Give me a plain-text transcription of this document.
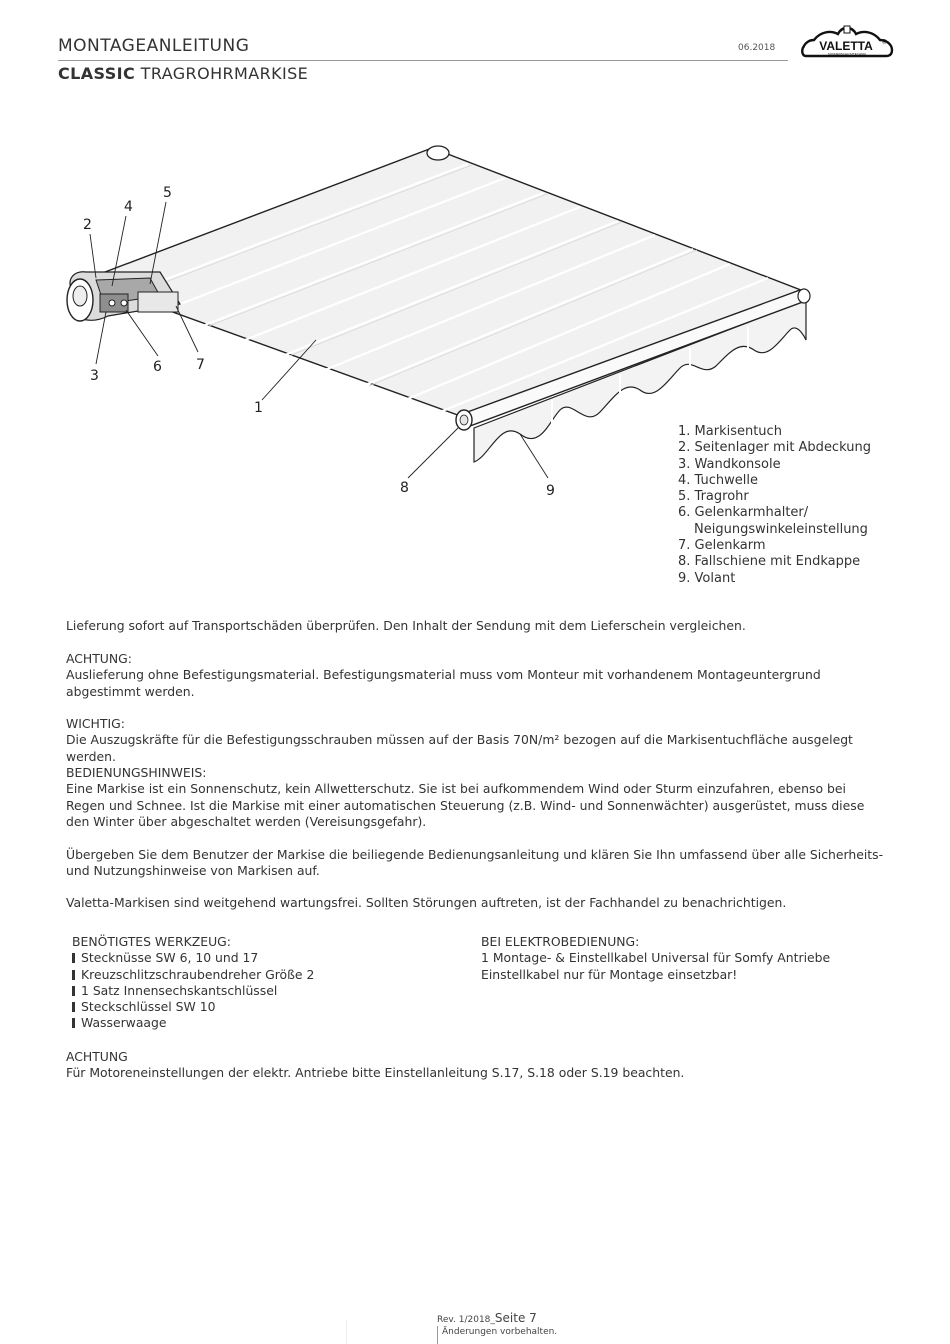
MONTAGEANLEITUNG	06.2018
CLASSIC TRAGROHRMARKISE
VALETTA ®
SONNENSCHUTZTECHNIK
2
4
5
3
6 7
1
8	9
1. Markisentuch
2. Seitenlager mit Abdeckung
3. Wandkonsole
4. Tuchwelle
5. Tragrohr
6. Gelenkarmhalter/
Neigungswinkeleinstellung
7. Gelenkarm
8. Fallschiene mit Endkappe
9. Volant

Lieferung sofort auf Transportschäden überprüfen. Den Inhalt der Sendung mit dem Lieferschein vergleichen.

ACHTUNG:

Auslieferung ohne Befestigungsmaterial. Befestigungsmaterial muss vom Monteur mit vorhandenem Montageuntergrund abgestimmt werden.

WICHTIG:

Die Auszugskräfte für die Befestigungsschrauben müssen auf der Basis 70N/m² bezogen auf die Markisentuchfläche ausgelegt werden.

BEDIENUNGSHINWEIS:

Eine Markise ist ein Sonnenschutz, kein Allwetterschutz. Sie ist bei aufkommendem Wind oder Sturm einzufahren, ebenso bei Regen und Schnee. Ist die Markise mit einer automatischen Steuerung (z.B. Wind- und Sonnenwächter) ausgerüstet, muss diese den Winter über abgeschaltet werden (Vereisungsgefahr).

Übergeben Sie dem Benutzer der Markise die beiliegende Bedienungsanleitung und klären Sie Ihn umfassend über alle Sicherheits- und Nutzungshinweise von Markisen auf.

Valetta-Markisen sind weitgehend wartungsfrei. Sollten Störungen auftreten, ist der Fachhandel zu benachrichtigen.

BENÖTIGTES WERKZEUG:
Stecknüsse SW 6, 10 und 17
Kreuzschlitzschraubendreher Größe 2
1 Satz Innensechskantschlüssel
Steckschlüssel SW 10
Wasserwaage
BEI ELEKTROBEDIENUNG:
1 Montage- & Einstellkabel Universal für Somfy Antriebe
Einstellkabel nur für Montage einsetzbar!

ACHTUNG

Für Motoreneinstellungen der elektr. Antriebe bitte Einstellanleitung S.17, S.18 oder S.19 beachten.

Rev. 1/2018_Seite 7
Änderungen vorbehalten.
